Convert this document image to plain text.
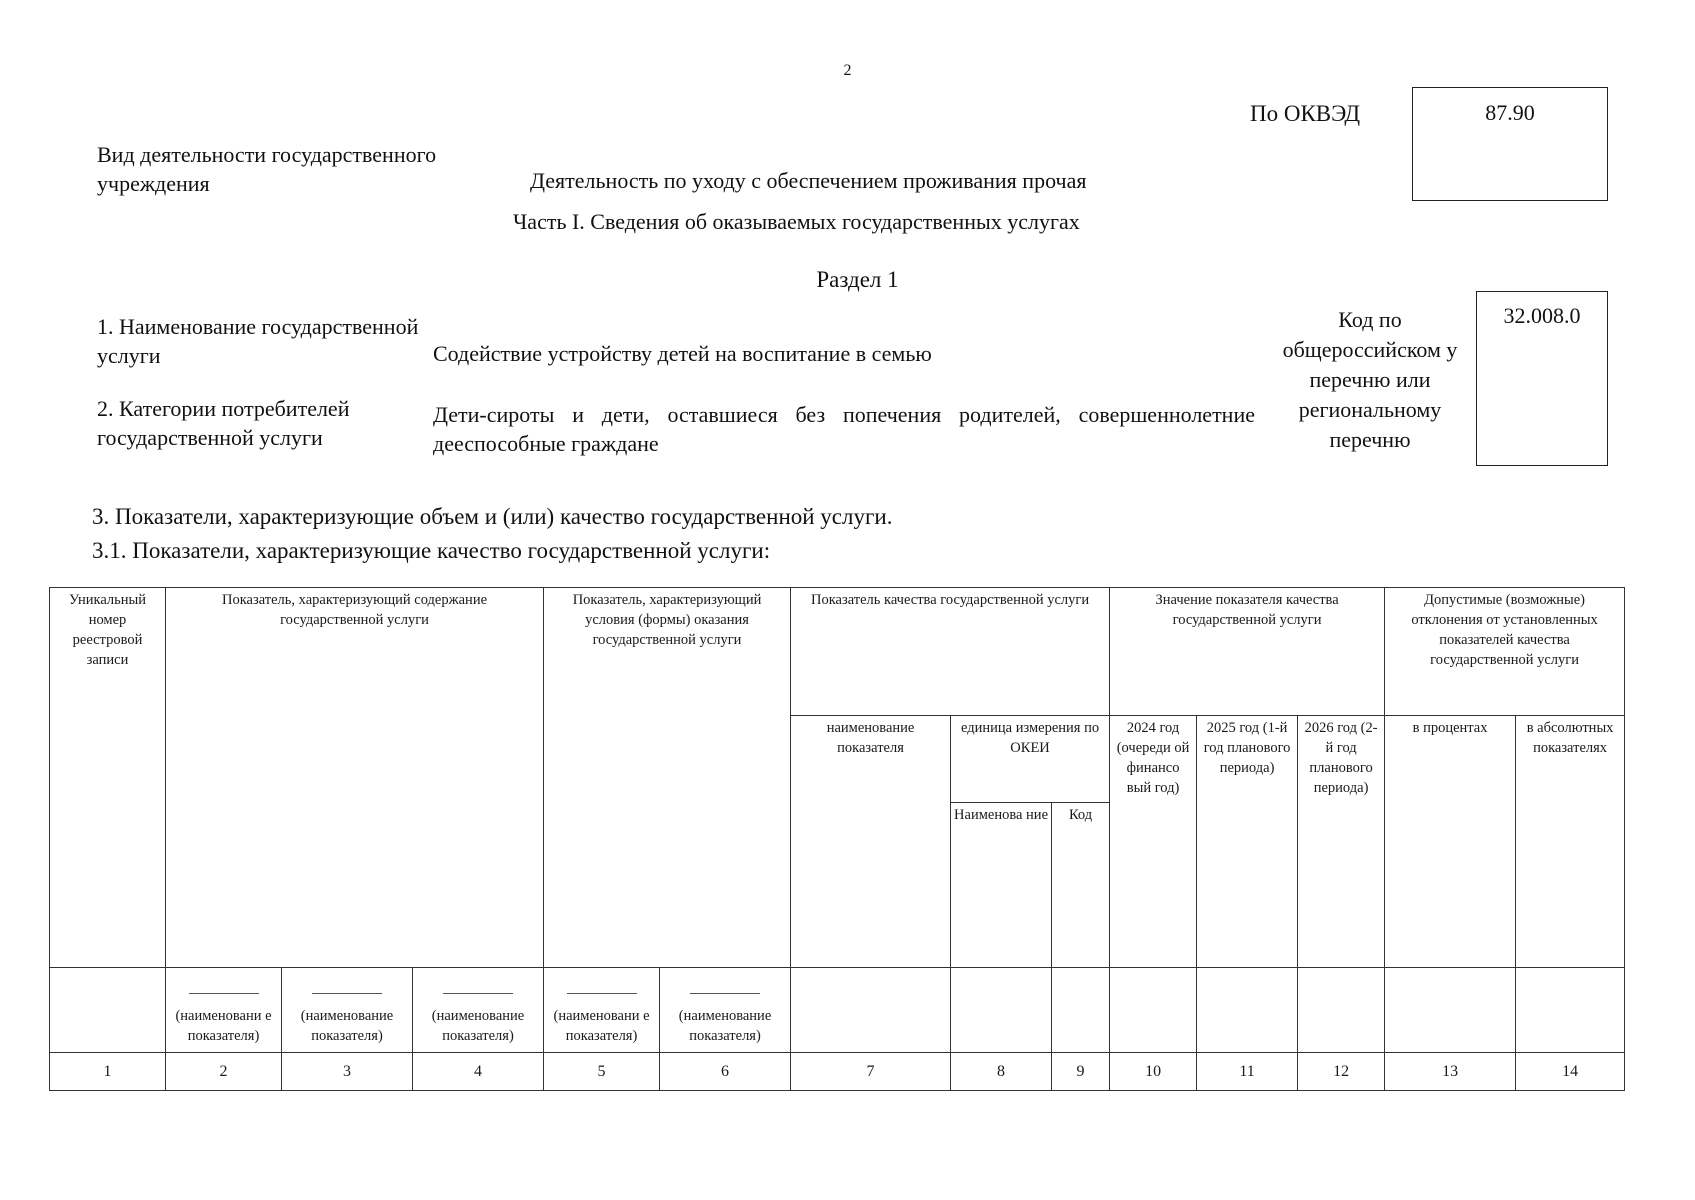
2
По ОКВЭД	87.90
Вид деятельности государственного учреждения	Деятельность по уходу с обеспечением проживания прочая
Часть I. Сведения об оказываемых государственных услугах
Раздел 1
1. Наименование государственной услуги	Содействие устройству детей на воспитание в семью
2. Категории потребителей государственной услуги
Дети-сироты и дети, оставшиеся без попечения родителей, совершеннолетние дееспособные граждане
Код по общероссийском у перечню или региональному перечню
32.008.0
3. Показатели, характеризующие объем и (или) качество государственной услуги.
3.1. Показатели, характеризующие качество государственной услуги:
Уникальный номер реестровой записи	Показатель, характеризующий содержание государственной услуги			Показатель, характеризующий условия (формы) оказания государственной услуги		Показатель качества государственной услуги			Значение показателя качества государственной услуги			Допустимые (возможные) отклонения от установленных показателей качества государственной услуги	
						наименование показателя	единица измерения по ОКЕИ		2024 год (очереди ой финансо вый год)	2025 год (1-й год планового периода)	2026 год (2-й год планового периода)	в процентах	в абсолютных показателях
							Наименова ние	Код					

	(наименовани е показателя)	(наименование показателя)	(наименование показателя)	(наименовани е показателя)	(наименование показателя)								

1	2	3	4	5	6	7	8	9	10	11	12	13	14
